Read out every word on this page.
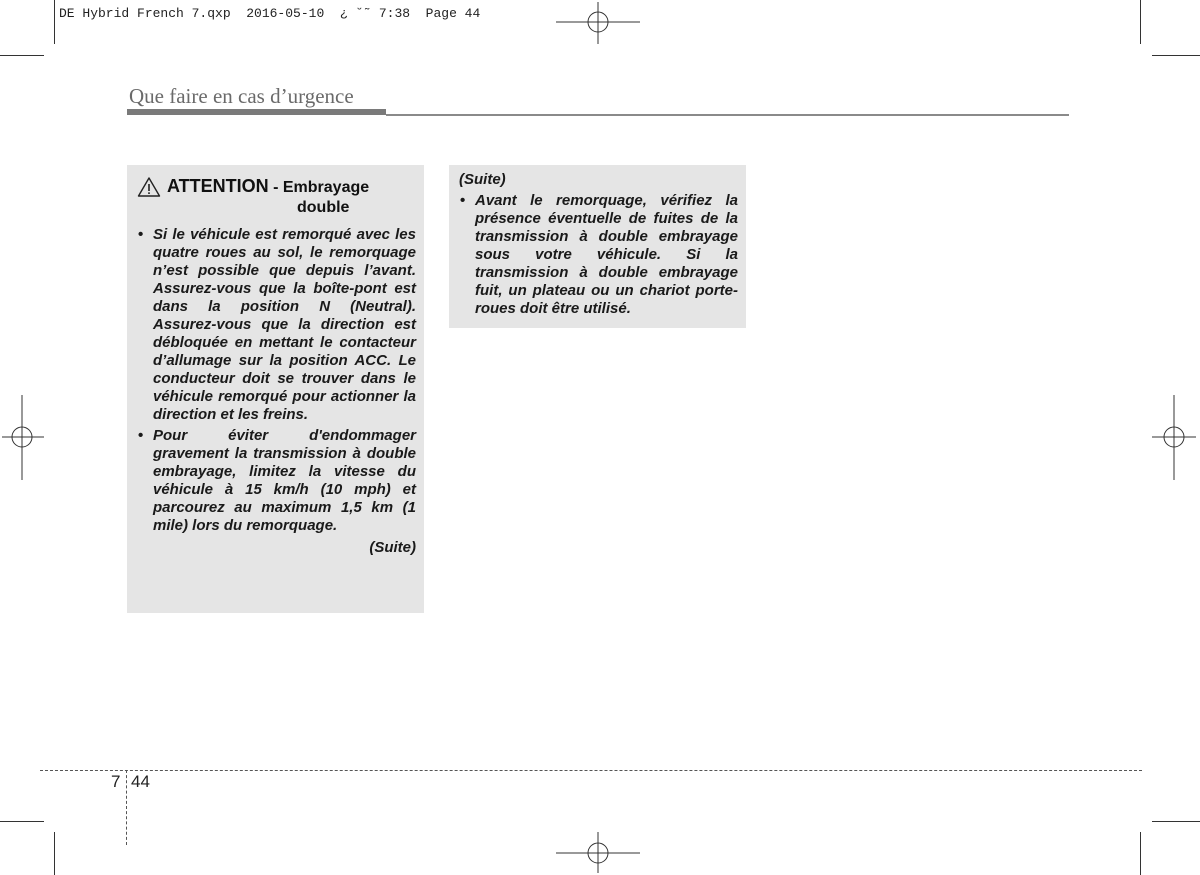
DE Hybrid French 7.qxp  2016-05-10  ¿ ˘˜ 7:38  Page 44
Que faire en cas d’urgence
ATTENTION - Embrayage
double
• Si le véhicule est remorqué avec les quatre roues au sol, le remorquage n’est possible que depuis l’avant. Assurez-vous que la boîte-pont est dans la position N (Neutral). Assurez-vous que la direction est débloquée en mettant le contacteur d’allumage sur la position ACC. Le conducteur doit se trouver dans le véhicule remorqué pour actionner la direction et les freins.
• Pour éviter d'endommager gravement la transmission à double embrayage, limitez la vitesse du véhicule à 15 km/h (10 mph) et parcourez au maximum 1,5 km (1 mile) lors du remorquage.
(Suite)
(Suite)
• Avant le remorquage, vérifiez la présence éventuelle de fuites de la transmission à double embrayage sous votre véhicule. Si la transmission à double embrayage fuit, un plateau ou un chariot porte-roues doit être utilisé.
7 44
